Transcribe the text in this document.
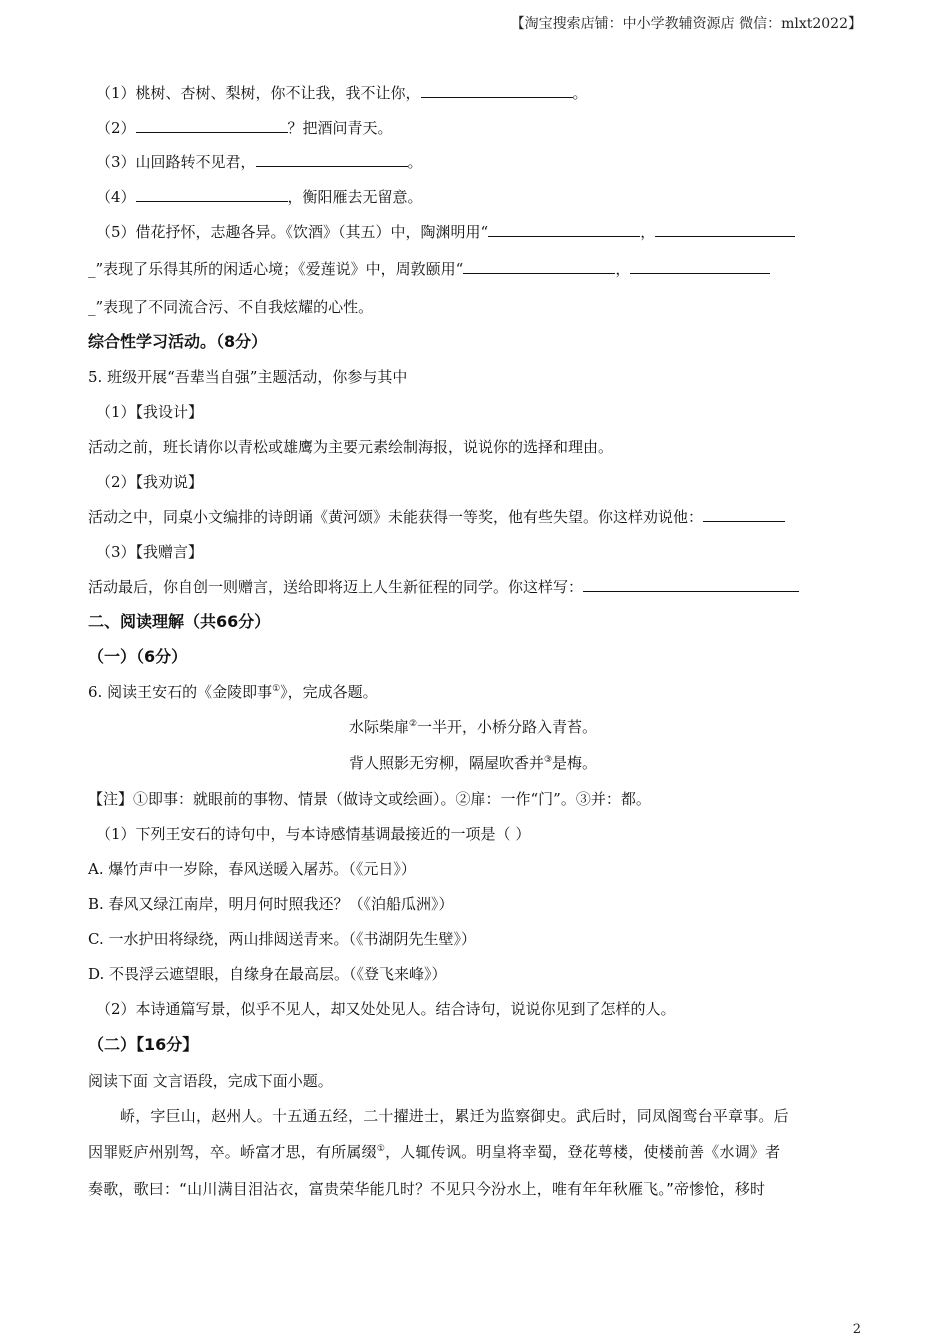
【淘宝搜索店铺：中小学教辅资源店 微信：mlxt2022】
（1）桃树、杏树、梨树，你不让我，我不让你，	。
（2）	？把酒问青天。
（3）山回路转不见君，	。
（4）	，衡阳雁去无留意。
（5）借花抒怀，志趣各异。《饮酒》（其五）中，陶渊明用“	，
_”表现了乐得其所的闲适心境；《爱莲说》中，周敦颐用“	，
_”表现了不同流合污、不自我炫耀的心性。
综合性学习活动。（8分）
5. 班级开展“吾辈当自强”主题活动，你参与其中
（1）【我设计】
活动之前，班长请你以青松或雄鹰为主要元素绘制海报，说说你的选择和理由。
（2）【我劝说】
活动之中，同桌小文编排的诗朗诵《黄河颂》未能获得一等奖，他有些失望。你这样劝说他：
（3）【我赠言】
活动最后，你自创一则赠言，送给即将迈上人生新征程的同学。你这样写：
二、阅读理解（共66分）
（一）（6分）
6. 阅读王安石的《金陵即事①》，完成各题。
水际柴扉②一半开，小桥分路入青苔。
背人照影无穷柳，隔屋吹香并③是梅。
【注】①即事：就眼前的事物、情景（做诗文或绘画）。②扉：一作“门”。③并：都。
（1）下列王安石的诗句中，与本诗感情基调最接近的一项是（ ）
A. 爆竹声中一岁除，春风送暖入屠苏。（《元日》）
B. 春风又绿江南岸，明月何时照我还？（《泊船瓜洲》）
C. 一水护田将绿绕，两山排闼送青来。（《书湖阴先生壁》）
D. 不畏浮云遮望眼，自缘身在最高层。（《登飞来峰》）
（2）本诗通篇写景，似乎不见人，却又处处见人。结合诗句，说说你见到了怎样的人。
（二）【16分】
阅读下面 文言语段，完成下面小题。
峤，字巨山，赵州人。十五通五经，二十擢进士，累迁为监察御史。武后时，同凤阁鸾台平章事。后
因罪贬庐州别驾，卒。峤富才思，有所属缀①，人辄传讽。明皇将幸蜀，登花萼楼，使楼前善《水调》者
奏歌，歌曰：“山川满目泪沾衣，富贵荣华能几时？不见只今汾水上，唯有年年秋雁飞。”帝惨怆，移时
2
